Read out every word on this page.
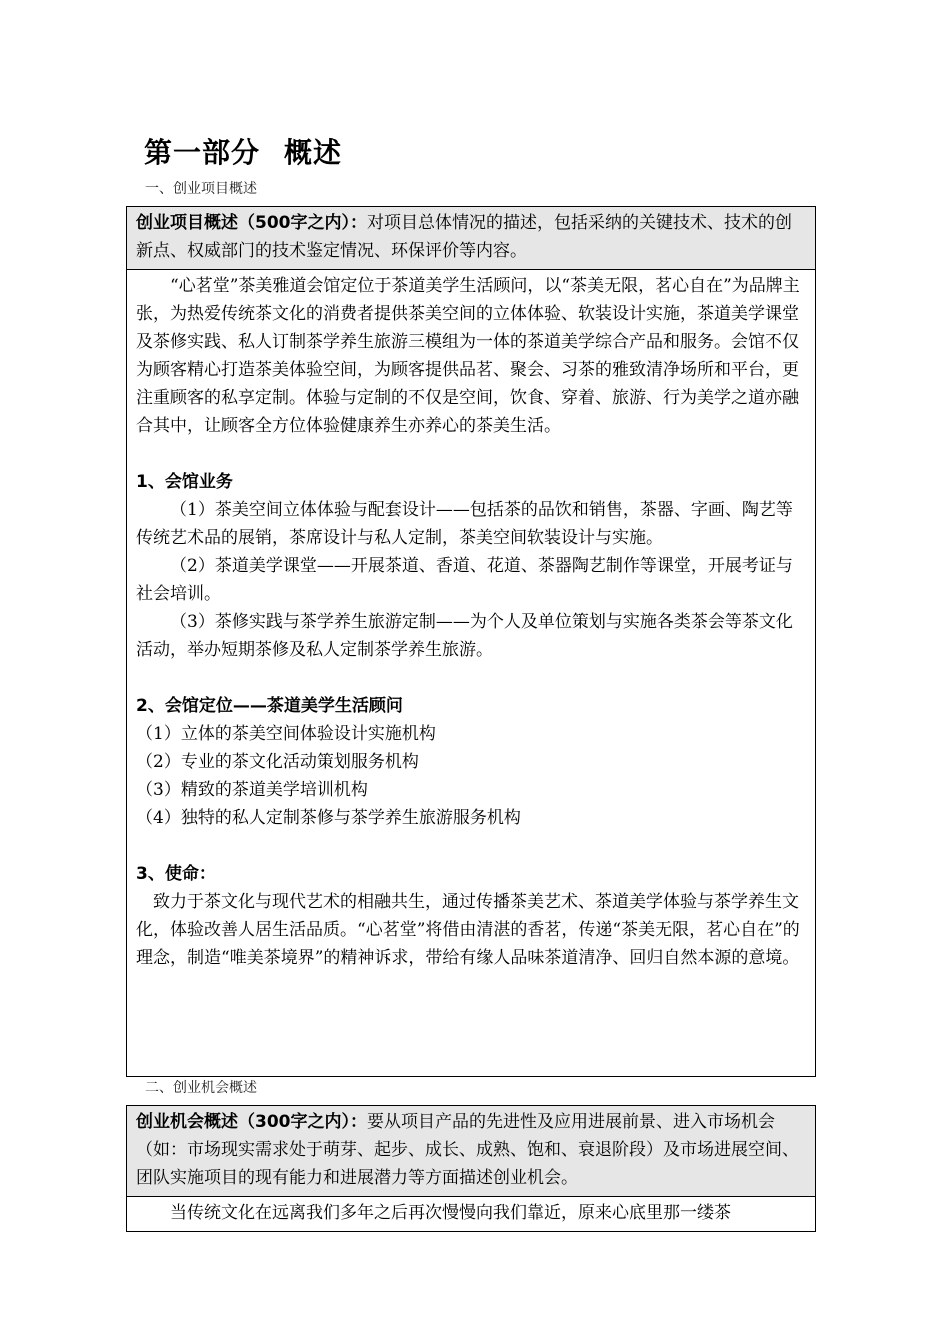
第一部分 概述
一、创业项目概述
创业项目概述（500字之内）：对项目总体情况的描述，包括采纳的关键技术、技术的创新点、权威部门的技术鉴定情况、环保评价等内容。

“心茗堂”茶美雅道会馆定位于茶道美学生活顾问，以“茶美无限，茗心自在”为品牌主张，为热爱传统茶文化的消费者提供茶美空间的立体体验、软装设计实施，茶道美学课堂及茶修实践、私人订制茶学养生旅游三模组为一体的茶道美学综合产品和服务。会馆不仅为顾客精心打造茶美体验空间，为顾客提供品茗、聚会、习茶的雅致清净场所和平台，更注重顾客的私享定制。体验与定制的不仅是空间，饮食、穿着、旅游、行为美学之道亦融合其中，让顾客全方位体验健康养生亦养心的茶美生活。

1、会馆业务

（1）茶美空间立体体验与配套设计——包括茶的品饮和销售，茶器、字画、陶艺等传统艺术品的展销，茶席设计与私人定制，茶美空间软装设计与实施。

（2）茶道美学课堂——开展茶道、香道、花道、茶器陶艺制作等课堂，开展考证与社会培训。

（3）茶修实践与茶学养生旅游定制——为个人及单位策划与实施各类茶会等茶文化活动，举办短期茶修及私人定制茶学养生旅游。

2、会馆定位——茶道美学生活顾问

（1）立体的茶美空间体验设计实施机构

（2）专业的茶文化活动策划服务机构

（3）精致的茶道美学培训机构

（4）独特的私人定制茶修与茶学养生旅游服务机构

3、使命：

致力于茶文化与现代艺术的相融共生，通过传播茶美艺术、茶道美学体验与茶学养生文化，体验改善人居生活品质。“心茗堂”将借由清湛的香茗，传递“茶美无限，茗心自在”的理念，制造“唯美茶境界”的精神诉求，带给有缘人品味茶道清净、回归自然本源的意境。

二、创业机会概述
创业机会概述（300字之内）：要从项目产品的先进性及应用进展前景、进入市场机会（如：市场现实需求处于萌芽、起步、成长、成熟、饱和、衰退阶段）及市场进展空间、团队实施项目的现有能力和进展潜力等方面描述创业机会。

当传统文化在远离我们多年之后再次慢慢向我们靠近，原来心底里那一缕茶
